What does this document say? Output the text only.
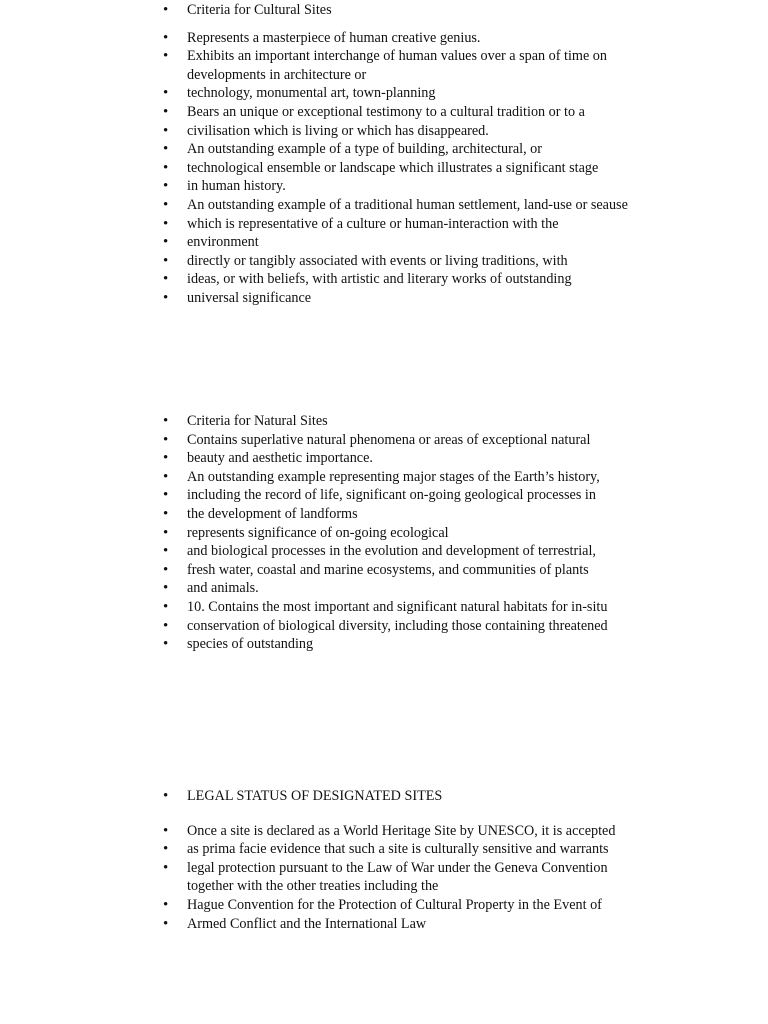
• Criteria for Cultural Sites
• Represents a masterpiece of human creative genius.
• Exhibits an important interchange of human values over a span of time on developments in architecture or
• technology, monumental art, town-planning
• Bears an unique or exceptional testimony to a cultural tradition or to a
• civilisation which is living or which has disappeared.
• An outstanding example of a type of building, architectural, or
• technological ensemble or landscape which illustrates a significant stage
• in human history.
• An outstanding example of a traditional human settlement, land-use or seause
• which is representative of a culture or human-interaction with the
• environment
• directly or tangibly associated with events or living traditions, with
• ideas, or with beliefs, with artistic and literary works of outstanding
• universal significance
• Criteria for Natural Sites
• Contains superlative natural phenomena or areas of exceptional natural
• beauty and aesthetic importance.
• An outstanding example representing major stages of the Earth’s history,
• including the record of life, significant on-going geological processes in
• the development of landforms
• represents significance of on-going ecological
• and biological processes in the evolution and development of terrestrial,
• fresh water, coastal and marine ecosystems, and communities of plants
• and animals.
• 10. Contains the most important and significant natural habitats for in-situ
• conservation of biological diversity, including those containing threatened
• species of outstanding
• LEGAL STATUS OF DESIGNATED SITES
• Once a site is declared as a World Heritage Site by UNESCO, it is accepted
• as prima facie evidence that such a site is culturally sensitive and warrants
• legal protection pursuant to the Law of War under the Geneva Convention together with the other treaties including the
• Hague Convention for the Protection of Cultural Property in the Event of
• Armed Conflict and the International Law
